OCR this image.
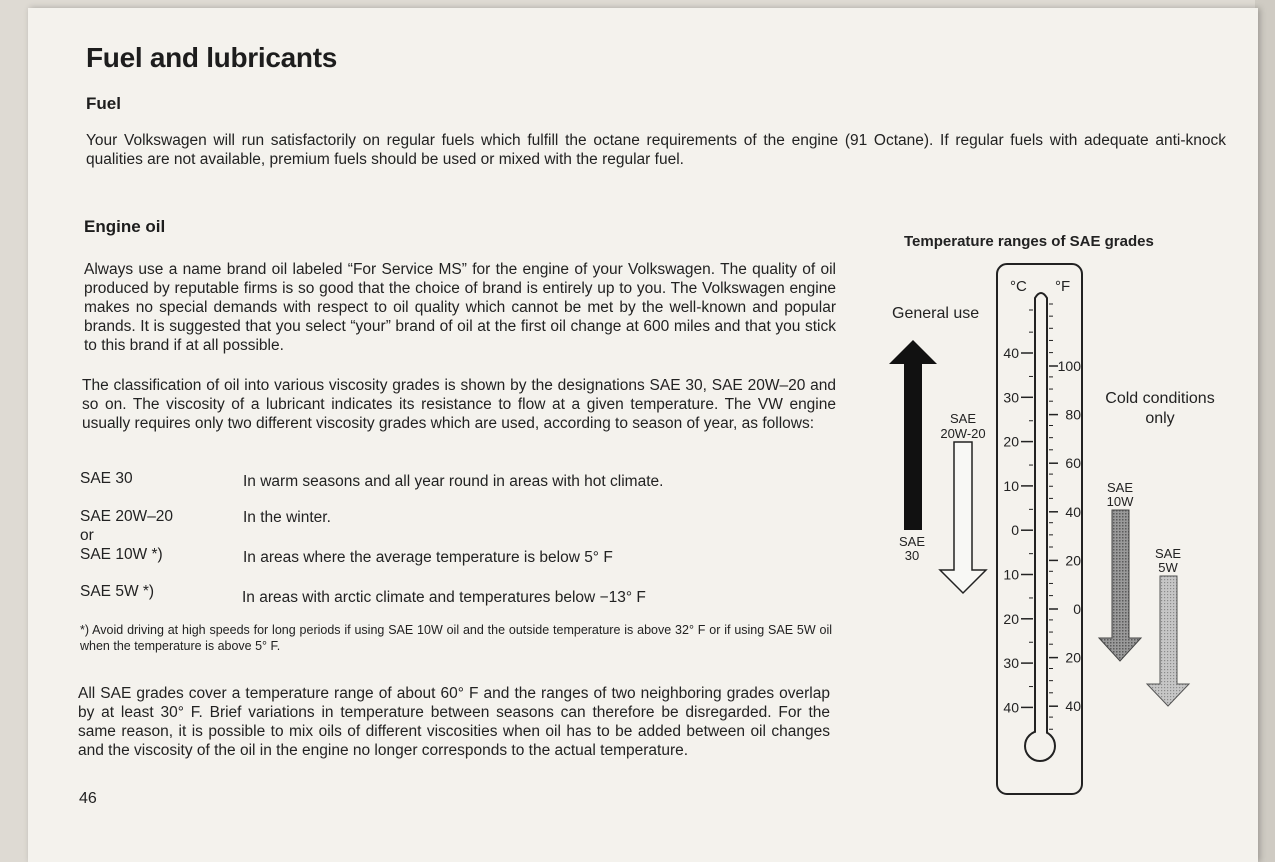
Fuel and lubricants
Fuel
Your Volkswagen will run satisfactorily on regular fuels which fulfill the octane requirements of the engine (91 Octane). If regular fuels with adequate anti-knock qualities are not available, premium fuels should be used or mixed with the regular fuel.
Engine oil
Always use a name brand oil labeled “For Service MS” for the engine of your Volkswagen. The quality of oil produced by reputable firms is so good that the choice of brand is entirely up to you. The Volkswagen engine makes no special demands with respect to oil quality which cannot be met by the well-known and popular brands. It is suggested that you select “your” brand of oil at the first oil change at 600 miles and that you stick to this brand if at all possible.
The classification of oil into various viscosity grades is shown by the designations SAE 30, SAE 20W–20 and so on. The viscosity of a lubricant indicates its resistance to flow at a given temperature. The VW engine usually requires only two different viscosity grades which are used, according to season of year, as follows:
SAE 30	In warm seasons and all year round in areas with hot climate.
SAE 20W–20	In the winter.
or
SAE 10W *)	In areas where the average temperature is below 5° F
SAE 5W *)	In areas with arctic climate and temperatures below −13° F
*) Avoid driving at high speeds for long periods if using SAE 10W oil and the outside temperature is above 32° F or if using SAE 5W oil when the temperature is above 5° F.
All SAE grades cover a temperature range of about 60° F and the ranges of two neighboring grades overlap by at least 30° F. Brief variations in temperature between seasons can therefore be disregarded. For the same reason, it is possible to mix oils of different viscosities when oil has to be added between oil changes and the viscosity of the oil in the engine no longer corresponds to the actual temperature.
46
Temperature ranges of SAE grades
General use
Cold conditions only
40
30
20
10
0
10
20
30
40
100
80
60
40
20
0
20
40
°C °F
SAE
30
SAE
20W-20
SAE
10W
SAE
5W
